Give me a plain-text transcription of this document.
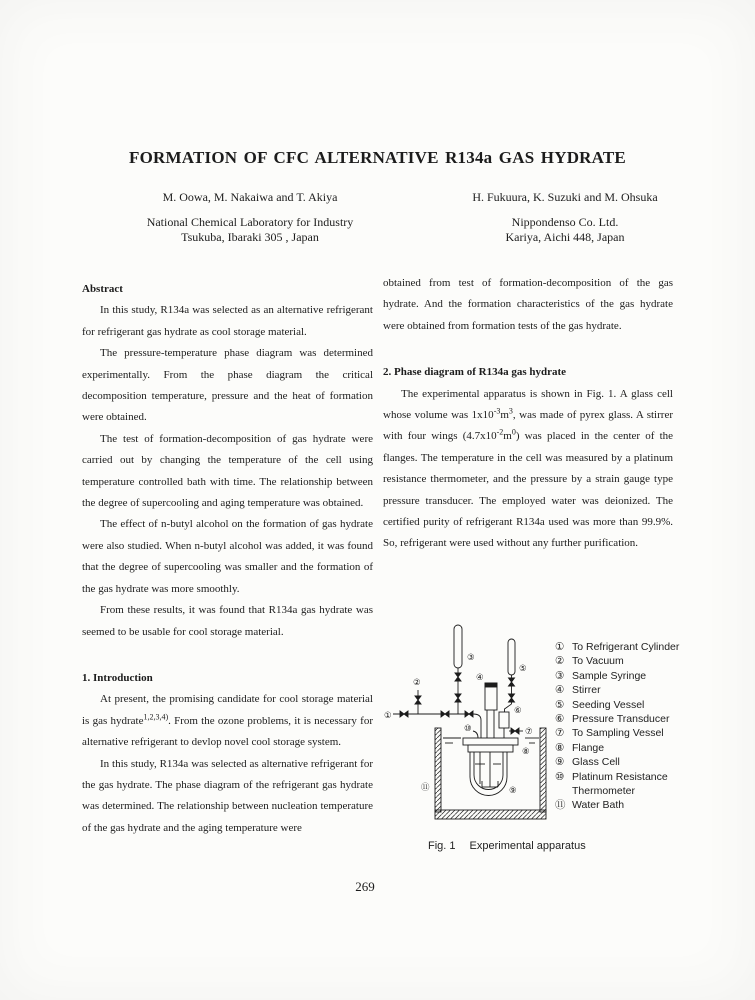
FORMATION OF CFC ALTERNATIVE R134a GAS HYDRATE
M. Oowa, M. Nakaiwa and T. Akiya
National Chemical Laboratory for Industry
Tsukuba, Ibaraki 305 , Japan
H. Fukuura, K. Suzuki and M. Ohsuka
Nippondenso Co. Ltd.
Kariya, Aichi 448, Japan

Abstract

In this study, R134a was selected as an alternative refrigerant for refrigerant gas hydrate as cool storage material.

The pressure-temperature phase diagram was determined experimentally. From the phase diagram the critical decomposition temperature, pressure and the heat of formation were obtained.

The test of formation-decomposition of gas hydrate were carried out by changing the temperature of the cell using temperature controlled bath with time. The relationship between the degree of supercooling and aging temperature was obtained.

The effect of n-butyl alcohol on the formation of gas hydrate were also studied. When n-butyl alcohol was added, it was found that the degree of supercooling was smaller and the formation of the gas hydrate was more smoothly.

From these results, it was found that R134a gas hydrate was seemed to be usable for cool storage material.

1. Introduction

At present, the promising candidate for cool storage material is gas hydrate$^{1,2,3,4)}$. From the ozone problems, it is necessary for alternative refrigerant to devlop novel cool storage system.

In this study, R134a was selected as alternative refrigerant for the gas hydrate. The phase diagram of the refrigerant gas hydrate was determined. The relationship between nucleation temperature of the gas hydrate and the aging temperature were

obtained from test of formation-decomposition of the gas hydrate. And the formation characteristics of the gas hydrate were obtained from formation tests of the gas hydrate.

2. Phase diagram of R134a gas hydrate

The experimental apparatus is shown in Fig. 1. A glass cell whose volume was $1x10^{-3}m^3$, was made of pyrex glass. A stirrer with four wings $(4.7x10^{-2}m^0)$ was placed in the center of the flanges. The temperature in the cell was measured by a platinum resistance thermometer, and the pressure by a strain gauge type pressure transducer. The employed water was deionized. The certified purity of refrigerant R134a used was more than 99.9%. So, refrigerant were used without any further purification.

①
②
③
④
⑤
⑥
⑦
⑧
⑨
⑩
⑪
① To Refrigerant Cylinder
② To Vacuum
③ Sample Syringe
④ Stirrer
⑤ Seeding Vessel
⑥ Pressure Transducer
⑦ To Sampling Vessel
⑧ Flange
⑨ Glass Cell
⑩ Platinum Resistance Thermometer
⑪ Water Bath
Fig. 1 Experimental apparatus
269
